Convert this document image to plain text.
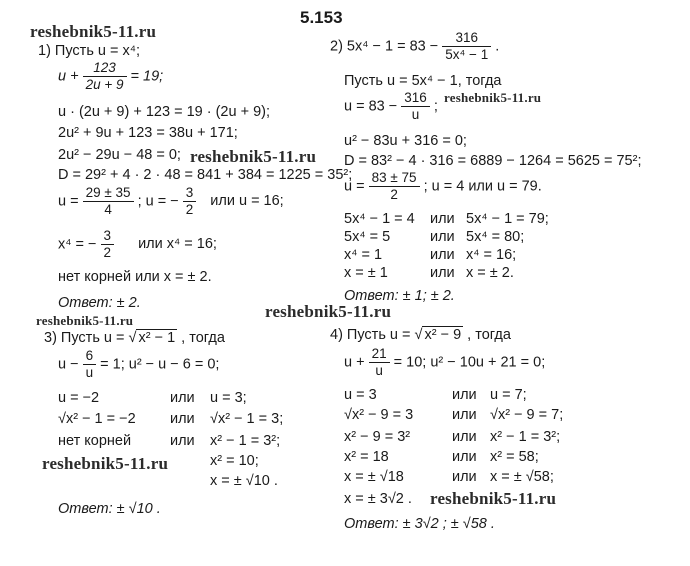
5.153
reshebnik5-11.ru
reshebnik5-11.ru
reshebnik5-11.ru
reshebnik5-11.ru
reshebnik5-11.ru
reshebnik5-11.ru
reshebnik5-11.ru
1) Пусть u = x⁴;
$u + \frac{123}{2u + 9} = 19$;
u · (2u + 9) + 123 = 19 · (2u + 9);
2u² + 9u + 123 = 38u + 171;
2u² − 29u − 48 = 0;
D = 29² + 4 · 2 · 48 = 841 + 384 = 1225 = 35²;
$u = \frac{29 \pm 35}{4}$ ; u = − $\frac{3}{2}$ или u = 16;
x⁴ = − $\frac{3}{2}$ или x⁴ = 16;
нет корней или x = ± 2.
Ответ: ± 2.
2) $5x^4 - 1 = 83 - \frac{316}{\text{5x⁴ − 1}}$ .
Пусть u = 5x⁴ − 1, тогда
$u = 83 - \frac{316}{u}$ ;
u² − 83u + 316 = 0;
D = 83² − 4 · 316 = 6889 − 1264 = 5625 = 75²;
$u = \frac{83 \pm 75}{2}$ ; u = 4 или u = 79.
5x⁴ − 1 = 4 или 5x⁴ − 1 = 79;
5x⁴ = 5	или 5x⁴ = 80;
x⁴ = 1	или x⁴ = 16;
x = ± 1	или x = ± 2.
Ответ: ± 1; ± 2.
3) Пусть u = √ x² − 1 , тогда
$u - \frac{6}{u} = 1$; u² − u − 6 = 0;
u = −2	или u = 3;
√x² − 1 = −2 или √x² − 1 = 3;
нет корней	или x² − 1 = 3²;
x² = 10;
x = ± √10 .
Ответ: ± √10 .
4) Пусть u = √ x² − 9 , тогда
$u + \frac{21}{u} = 10$; u² − 10u + 21 = 0;
u = 3	или u = 7;
√x² − 9 = 3	или √x² − 9 = 7;
x² − 9 = 3²	или x² − 1 = 3²;
x² = 18	или x² = 58;
x = ± √18	или x = ± √58;
x = ± 3√2 .
Ответ: ± 3√2 ; ± √58 .
